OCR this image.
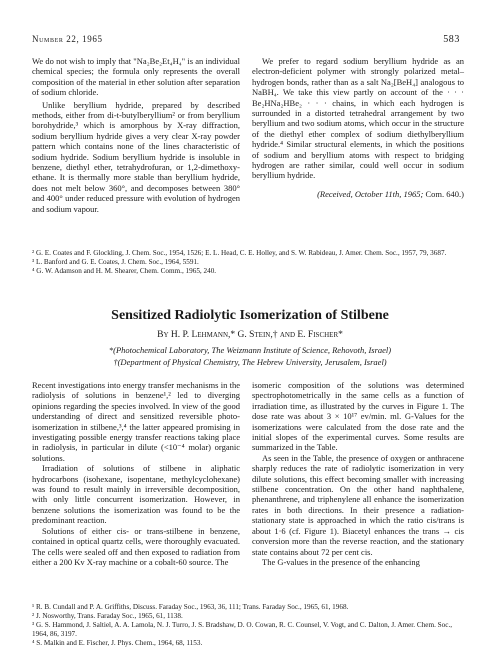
Number 22, 1965	583

We do not wish to imply that "Na₂Be₂Et₄H₄" is an individual chemical species; the formula only represents the overall composition of the material in ether solution after separation of sodium chloride.

Unlike beryllium hydride, prepared by described methods, either from di-t-butylberyllium² or from beryllium borohydride,³ which is amorphous by X-ray diffraction, sodium beryllium hydride gives a very clear X-ray powder pattern which contains none of the lines characteristic of sodium hydride. Sodium beryllium hydride is insoluble in benzene, diethyl ether, tetrahydrofuran, or 1,2-dimethoxy-ethane. It is thermally more stable than beryllium hydride, does not melt below 360°, and decomposes between 380° and 400° under reduced pressure with evolution of hydrogen and sodium vapour.

We prefer to regard sodium beryllium hydride as an electron-deficient polymer with strongly polarized metal–hydrogen bonds, rather than as a salt Na₂[BeH₄] analogous to NaBH₄. We take this view partly on account of the · · · Be₂HNa₂HBe₂ · · · chains, in which each hydrogen is surrounded in a distorted tetrahedral arrangement by two beryllium and two sodium atoms, which occur in the structure of the diethyl ether complex of sodium diethylberyllium hydride.⁴ Similar structural elements, in which the positions of sodium and beryllium atoms with respect to bridging hydrogen are rather similar, could well occur in sodium beryllium hydride.

(Received, October 11th, 1965; Com. 640.)
² G. E. Coates and F. Glockling, J. Chem. Soc., 1954, 1526; E. L. Head, C. E. Holley, and S. W. Rabideau, J. Amer. Chem. Soc., 1957, 79, 3687.
³ L. Banford and G. E. Coates, J. Chem. Soc., 1964, 5591.
⁴ G. W. Adamson and H. M. Shearer, Chem. Comm., 1965, 240.
Sensitized Radiolytic Isomerization of Stilbene
By H. P. Lehmann,* G. Stein,† and E. Fischer*
*(Photochemical Laboratory, The Weizmann Institute of Science, Rehovoth, Israel)
†(Department of Physical Chemistry, The Hebrew University, Jerusalem, Israel)

Recent investigations into energy transfer mechanisms in the radiolysis of solutions in benzene¹,² led to diverging opinions regarding the species involved. In view of the good understanding of direct and sensitized reversible photo-isomerization in stilbene,³,⁴ the latter appeared promising in investigating possible energy transfer reactions taking place in radiolysis, in particular in dilute (<10⁻⁴ molar) organic solutions.

Irradiation of solutions of stilbene in aliphatic hydrocarbons (isohexane, isopentane, methylcyclohexane) was found to result mainly in irreversible decomposition, with only little concurrent isomerization. However, in benzene solutions the isomerization was found to be the predominant reaction.

Solutions of either cis- or trans-stilbene in benzene, contained in optical quartz cells, were thoroughly evacuated. The cells were sealed off and then exposed to radiation from either a 200 Kv X-ray machine or a cobalt-60 source. The

isomeric composition of the solutions was determined spectrophotometrically in the same cells as a function of irradiation time, as illustrated by the curves in Figure 1. The dose rate was about 3 × 10¹⁷ ev/min. ml. G-Values for the isomerizations were calculated from the dose rate and the initial slopes of the experimental curves. Some results are summarized in the Table.

As seen in the Table, the presence of oxygen or anthracene sharply reduces the rate of radiolytic isomerization in very dilute solutions, this effect becoming smaller with increasing stilbene concentration. On the other hand naphthalene, phenanthrene, and triphenylene all enhance the isomerization rates in both directions. In their presence a radiation-stationary state is approached in which the ratio cis/trans is about 1·6 (cf. Figure 1). Biacetyl enhances the trans → cis conversion more than the reverse reaction, and the stationary state contains about 72 per cent cis.

The G-values in the presence of the enhancing

¹ R. B. Cundall and P. A. Griffiths, Discuss. Faraday Soc., 1963, 36, 111; Trans. Faraday Soc., 1965, 61, 1968.
² J. Nosworthy, Trans. Faraday Soc., 1965, 61, 1138.
³ G. S. Hammond, J. Saltiel, A. A. Lamola, N. J. Turro, J. S. Bradshaw, D. O. Cowan, R. C. Counsel, V. Vogt, and C. Dalton, J. Amer. Chem. Soc., 1964, 86, 3197.
⁴ S. Malkin and E. Fischer, J. Phys. Chem., 1964, 68, 1153.
